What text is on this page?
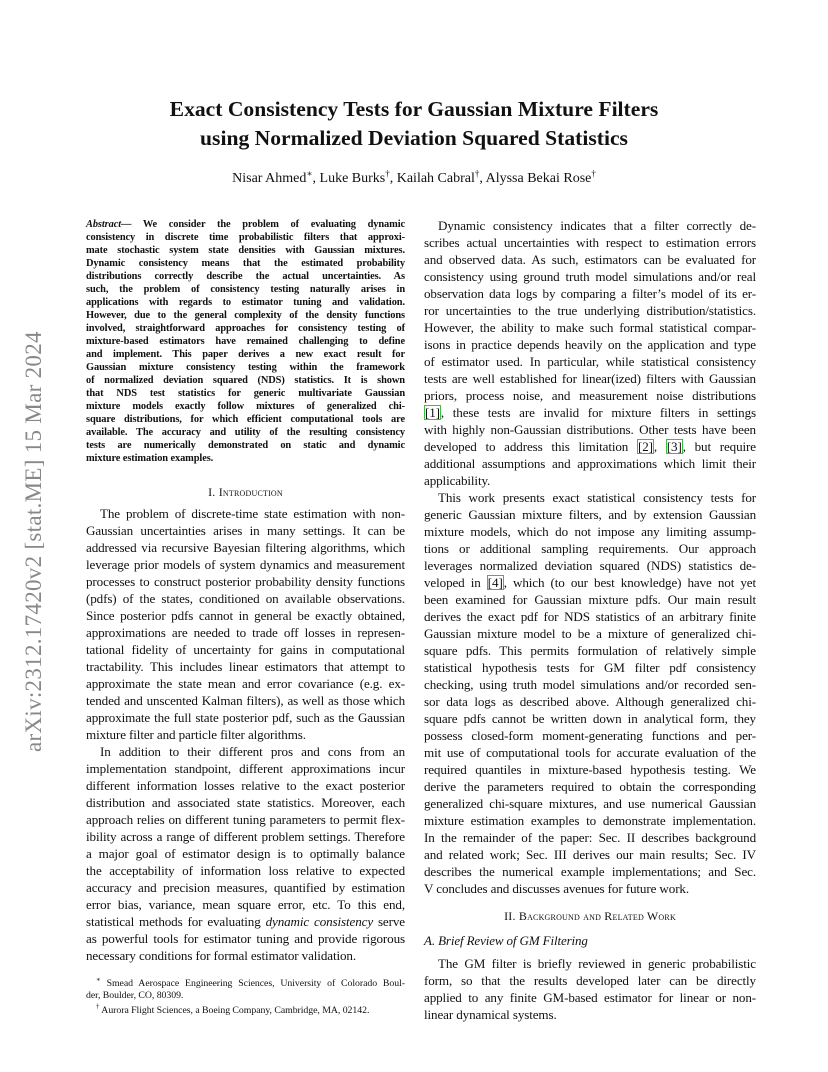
arXiv:2312.17420v2 [stat.ME] 15 Mar 2024
Exact Consistency Tests for Gaussian Mixture Filters
using Normalized Deviation Squared Statistics
Nisar Ahmed∗, Luke Burks†, Kailah Cabral†, Alyssa Bekai Rose†
Abstract— We consider the problem of evaluating dynamic
consistency in discrete time probabilistic filters that approxi-
mate stochastic system state densities with Gaussian mixtures.
Dynamic consistency means that the estimated probability
distributions correctly describe the actual uncertainties. As
such, the problem of consistency testing naturally arises in
applications with regards to estimator tuning and validation.
However, due to the general complexity of the density functions
involved, straightforward approaches for consistency testing of
mixture-based estimators have remained challenging to define
and implement. This paper derives a new exact result for
Gaussian mixture consistency testing within the framework
of normalized deviation squared (NDS) statistics. It is shown
that NDS test statistics for generic multivariate Gaussian
mixture models exactly follow mixtures of generalized chi-
square distributions, for which efficient computational tools are
available. The accuracy and utility of the resulting consistency
tests are numerically demonstrated on static and dynamic
mixture estimation examples.
I. Introduction
The problem of discrete-time state estimation with non-
Gaussian uncertainties arises in many settings. It can be
addressed via recursive Bayesian filtering algorithms, which
leverage prior models of system dynamics and measurement
processes to construct posterior probability density functions
(pdfs) of the states, conditioned on available observations.
Since posterior pdfs cannot in general be exactly obtained,
approximations are needed to trade off losses in represen-
tational fidelity of uncertainty for gains in computational
tractability. This includes linear estimators that attempt to
approximate the state mean and error covariance (e.g. ex-
tended and unscented Kalman filters), as well as those which
approximate the full state posterior pdf, such as the Gaussian
mixture filter and particle filter algorithms.
In addition to their different pros and cons from an
implementation standpoint, different approximations incur
different information losses relative to the exact posterior
distribution and associated state statistics. Moreover, each
approach relies on different tuning parameters to permit flex-
ibility across a range of different problem settings. Therefore
a major goal of estimator design is to optimally balance
the acceptability of information loss relative to expected
accuracy and precision measures, quantified by estimation
error bias, variance, mean square error, etc. To this end,
statistical methods for evaluating dynamic consistency serve
as powerful tools for estimator tuning and provide rigorous
necessary conditions for formal estimator validation.
∗ Smead Aerospace Engineering Sciences, University of Colorado Boul-
der, Boulder, CO, 80309.
† Aurora Flight Sciences, a Boeing Company, Cambridge, MA, 02142.
Dynamic consistency indicates that a filter correctly de-
scribes actual uncertainties with respect to estimation errors
and observed data. As such, estimators can be evaluated for
consistency using ground truth model simulations and/or real
observation data logs by comparing a filter’s model of its er-
ror uncertainties to the true underlying distribution/statistics.
However, the ability to make such formal statistical compar-
isons in practice depends heavily on the application and type
of estimator used. In particular, while statistical consistency
tests are well established for linear(ized) filters with Gaussian
priors, process noise, and measurement noise distributions
[1], these tests are invalid for mixture filters in settings
with highly non-Gaussian distributions. Other tests have been
developed to address this limitation [2], [3], but require
additional assumptions and approximations which limit their
applicability.
This work presents exact statistical consistency tests for
generic Gaussian mixture filters, and by extension Gaussian
mixture models, which do not impose any limiting assump-
tions or additional sampling requirements. Our approach
leverages normalized deviation squared (NDS) statistics de-
veloped in [4], which (to our best knowledge) have not yet
been examined for Gaussian mixture pdfs. Our main result
derives the exact pdf for NDS statistics of an arbitrary finite
Gaussian mixture model to be a mixture of generalized chi-
square pdfs. This permits formulation of relatively simple
statistical hypothesis tests for GM filter pdf consistency
checking, using truth model simulations and/or recorded sen-
sor data logs as described above. Although generalized chi-
square pdfs cannot be written down in analytical form, they
possess closed-form moment-generating functions and per-
mit use of computational tools for accurate evaluation of the
required quantiles in mixture-based hypothesis testing. We
derive the parameters required to obtain the corresponding
generalized chi-square mixtures, and use numerical Gaussian
mixture estimation examples to demonstrate implementation.
In the remainder of the paper: Sec. II describes background
and related work; Sec. III derives our main results; Sec. IV
describes the numerical example implementations; and Sec.
V concludes and discusses avenues for future work.
II. Background and Related Work
A. Brief Review of GM Filtering
The GM filter is briefly reviewed in generic probabilistic
form, so that the results developed later can be directly
applied to any finite GM-based estimator for linear or non-
linear dynamical systems.
